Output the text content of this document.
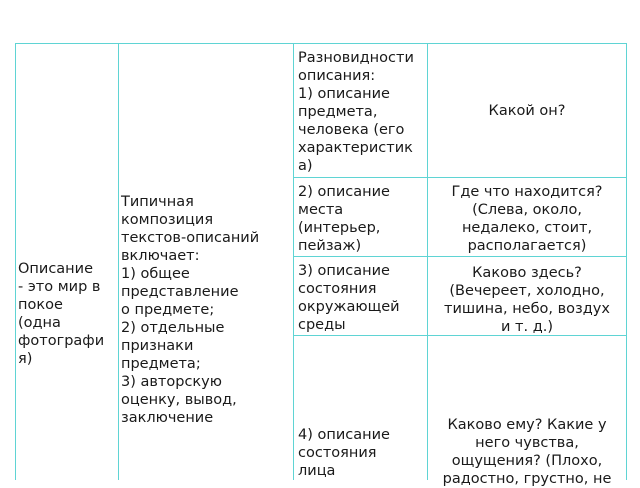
Описание
- это мир в
покое
(одна
фотографи
я)
Типичная
композиция
текстов-описаний
включает:
1) общее
представление
о предмете;
2) отдельные
признаки
предмета;
3) авторскую
оценку, вывод,
заключение
Разновидности
описания:
1) описание
предмета,
человека (его
характеристик
а)
2) описание
места
(интерьер,
пейзаж)
3) описание
состояния
окружающей
среды
4) описание
состояния
лица
Какой он?
Где что находится?
(Слева, около,
недалеко, стоит,
располагается)
Каково здесь?
(Вечереет, холодно,
тишина, небо, воздух
и т. д.)
Каково ему? Какие у
него чувства,
ощущения? (Плохо,
радостно, грустно, не
